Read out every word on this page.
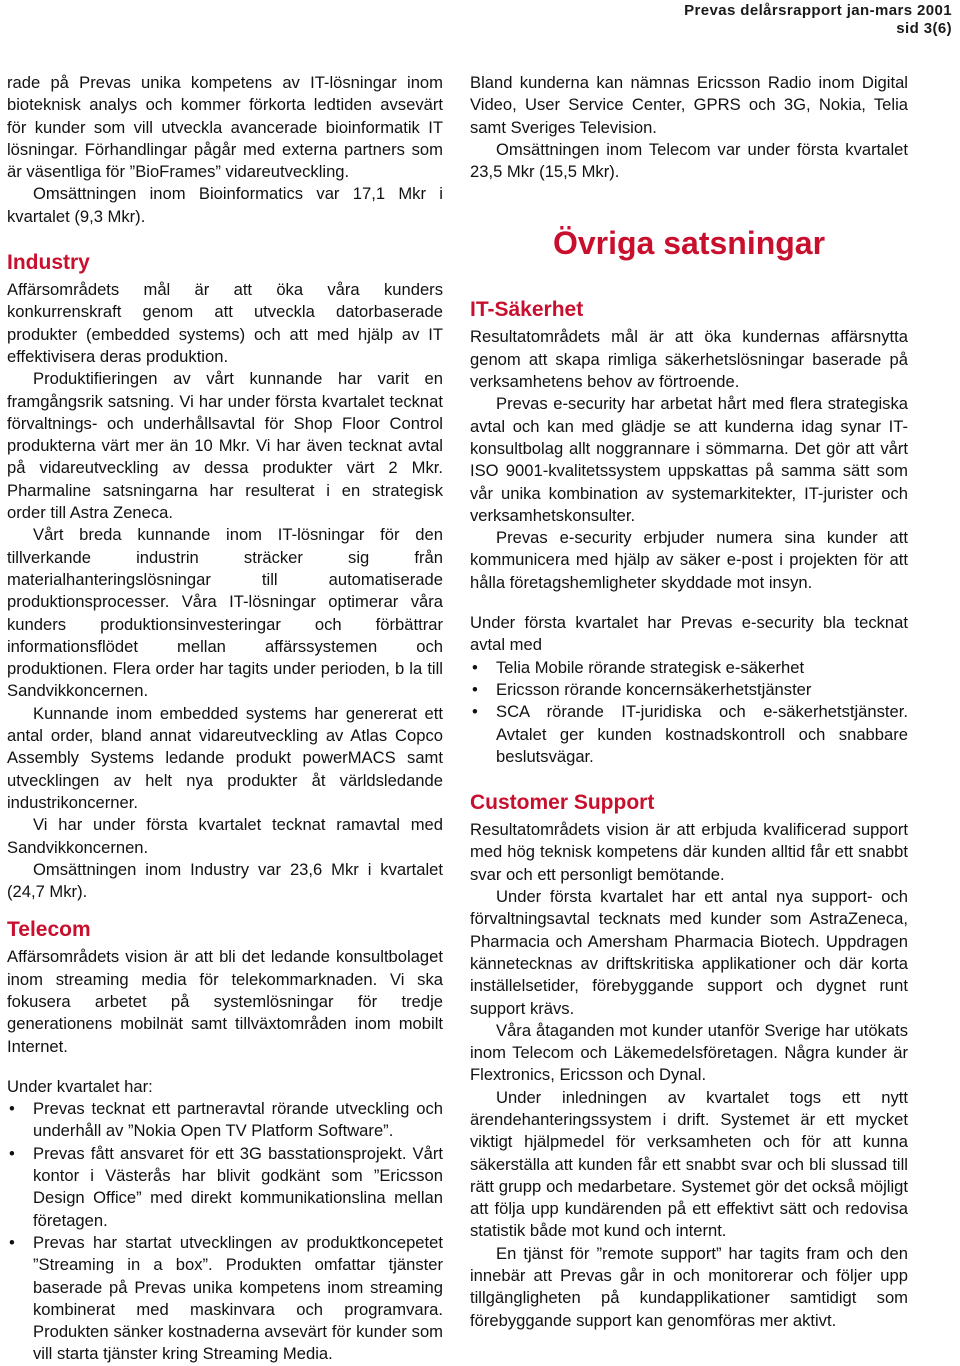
Prevas delårsrapport jan-mars 2001
sid 3(6)

rade på Prevas unika kompetens av IT-lösningar inom bioteknisk analys och kommer förkorta ledtiden avsevärt för kunder som vill utveckla avancerade bioinformatik IT lösningar. Förhandlingar pågår med externa partners som är väsentliga för ”BioFrames” vidareutveckling.

Omsättningen inom Bioinformatics var 17,1 Mkr i kvartalet (9,3 Mkr).

Industry

Affärsområdets mål är att öka våra kunders konkurrenskraft genom att utveckla datorbaserade produkter (embedded systems) och att med hjälp av IT effektivisera deras produktion.

Produktifieringen av vårt kunnande har varit en framgångsrik satsning. Vi har under första kvartalet tecknat förvaltnings- och underhållsavtal för Shop Floor Control produkterna värt mer än 10 Mkr. Vi har även tecknat avtal på vidareutveckling av dessa produkter värt 2 Mkr. Pharmaline satsningarna har resulterat i en strategisk order till Astra Zeneca.

Vårt breda kunnande inom IT-lösningar för den tillverkande industrin sträcker sig från materialhanteringslösningar till automatiserade produktionsprocesser. Våra IT-lösningar optimerar våra kunders produktionsinvesteringar och förbättrar informationsflödet mellan affärssystemen och produktionen. Flera order har tagits under perioden, b la till Sandvikkoncernen.

Kunnande inom embedded systems har genererat ett antal order, bland annat vidareutveckling av Atlas Copco Assembly Systems ledande produkt powerMACS samt utvecklingen av helt nya produkter åt världsledande industrikoncerner.

Vi har under första kvartalet tecknat ramavtal med Sandvikkoncernen.

Omsättningen inom Industry var 23,6 Mkr i kvartalet (24,7 Mkr).

Telecom

Affärsområdets vision är att bli det ledande konsultbolaget inom streaming media för telekommarknaden. Vi ska fokusera arbetet på systemlösningar för tredje generationens mobilnät samt tillväxtområden inom mobilt Internet.

Under kvartalet har:

• Prevas tecknat ett partneravtal rörande utveckling och underhåll av ”Nokia Open TV Platform Software”.
• Prevas fått ansvaret för ett 3G basstationsprojekt. Vårt kontor i Västerås har blivit godkänt som ”Ericsson Design Office” med direkt kommunikationslina mellan företagen.
• Prevas har startat utvecklingen av produktkoncepetet ”Streaming in a box”. Produkten omfattar tjänster baserade på Prevas unika kompetens inom streaming kombinerat med maskinvara och programvara. Produkten sänker kostnaderna avsevärt för kunder som vill starta tjänster kring Streaming Media.

Bland kunderna kan nämnas Ericsson Radio inom Digital Video, User Service Center, GPRS och 3G, Nokia, Telia samt Sveriges Television.

Omsättningen inom Telecom var under första kvartalet 23,5 Mkr (15,5 Mkr).

Övriga satsningar
IT-Säkerhet

Resultatområdets mål är att öka kundernas affärsnytta genom att skapa rimliga säkerhetslösningar baserade på verksamhetens behov av förtroende.

Prevas e-security har arbetat hårt med flera strategiska avtal och kan med glädje se att kunderna idag synar IT-konsultbolag allt noggrannare i sömmarna. Det gör att vårt ISO 9001-kvalitetssystem uppskattas på samma sätt som vår unika kombination av systemarkitekter, IT-jurister och verksamhetskonsulter.

Prevas e-security erbjuder numera sina kunder att kommunicera med hjälp av säker e-post i projekten för att hålla företagshemligheter skyddade mot insyn.

Under första kvartalet har Prevas e-security bla tecknat avtal med

• Telia Mobile rörande strategisk e-säkerhet
• Ericsson rörande koncernsäkerhetstjänster
• SCA rörande IT-juridiska och e-säkerhetstjänster. Avtalet ger kunden kostnadskontroll och snabbare beslutsvägar.
Customer Support

Resultatområdets vision är att erbjuda kvalificerad support med hög teknisk kompetens där kunden alltid får ett snabbt svar och ett personligt bemötande.

Under första kvartalet har ett antal nya support- och förvaltningsavtal tecknats med kunder som AstraZeneca, Pharmacia och Amersham Pharmacia Biotech. Uppdragen kännetecknas av driftskritiska applikationer och där korta inställelsetider, förebyggande support och dygnet runt support krävs.

Våra åtaganden mot kunder utanför Sverige har utökats inom Telecom och Läkemedelsföretagen. Några kunder är Flextronics, Ericsson och Dynal.

Under inledningen av kvartalet togs ett nytt ärendehanteringssystem i drift. Systemet är ett mycket viktigt hjälpmedel för verksamheten och för att kunna säkerställa att kunden får ett snabbt svar och bli slussad till rätt grupp och medarbetare. Systemet gör det också möjligt att följa upp kundärenden på ett effektivt sätt och redovisa statistik både mot kund och internt.

En tjänst för ”remote support” har tagits fram och den innebär att Prevas går in och monitorerar och följer upp tillgängligheten på kundapplikationer samtidigt som förebyggande support kan genomföras mer aktivt.
